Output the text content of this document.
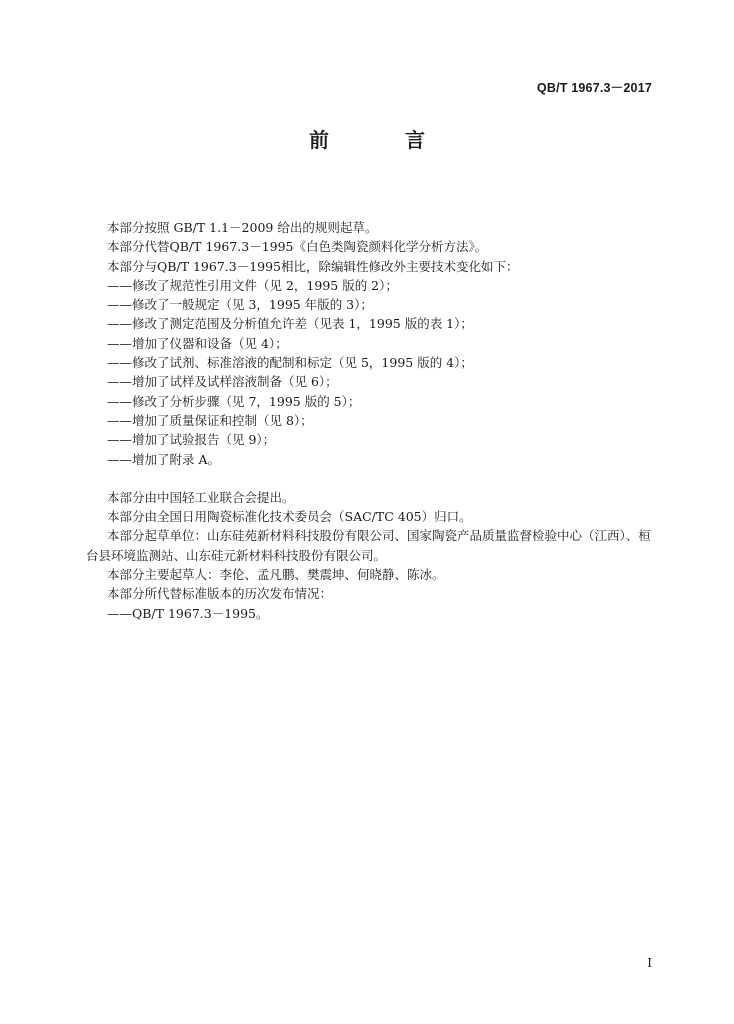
QB/T 1967.3－2017
前　言

本部分按照 GB/T 1.1－2009 给出的规则起草。

本部分代替QB/T 1967.3－1995《白色类陶瓷颜料化学分析方法》。

本部分与QB/T 1967.3－1995相比，除编辑性修改外主要技术变化如下：

——修改了规范性引用文件（见 2，1995 版的 2）；

——修改了一般规定（见 3，1995 年版的 3）；

——修改了测定范围及分析值允许差（见表 1，1995 版的表 1）；

——增加了仪器和设备（见 4）；

——修改了试剂、标准溶液的配制和标定（见 5，1995 版的 4）；

——增加了试样及试样溶液制备（见 6）；

——修改了分析步骤（见 7，1995 版的 5）；

——增加了质量保证和控制（见 8）；

——增加了试验报告（见 9）；

——增加了附录 A。

本部分由中国轻工业联合会提出。

本部分由全国日用陶瓷标准化技术委员会（SAC/TC 405）归口。

本部分起草单位：山东硅苑新材料科技股份有限公司、国家陶瓷产品质量监督检验中心（江西）、桓台县环境监测站、山东硅元新材料科技股份有限公司。

本部分主要起草人：李伦、孟凡鹏、樊震坤、何晓静、陈冰。

本部分所代替标准版本的历次发布情况：

——QB/T 1967.3－1995。

I
